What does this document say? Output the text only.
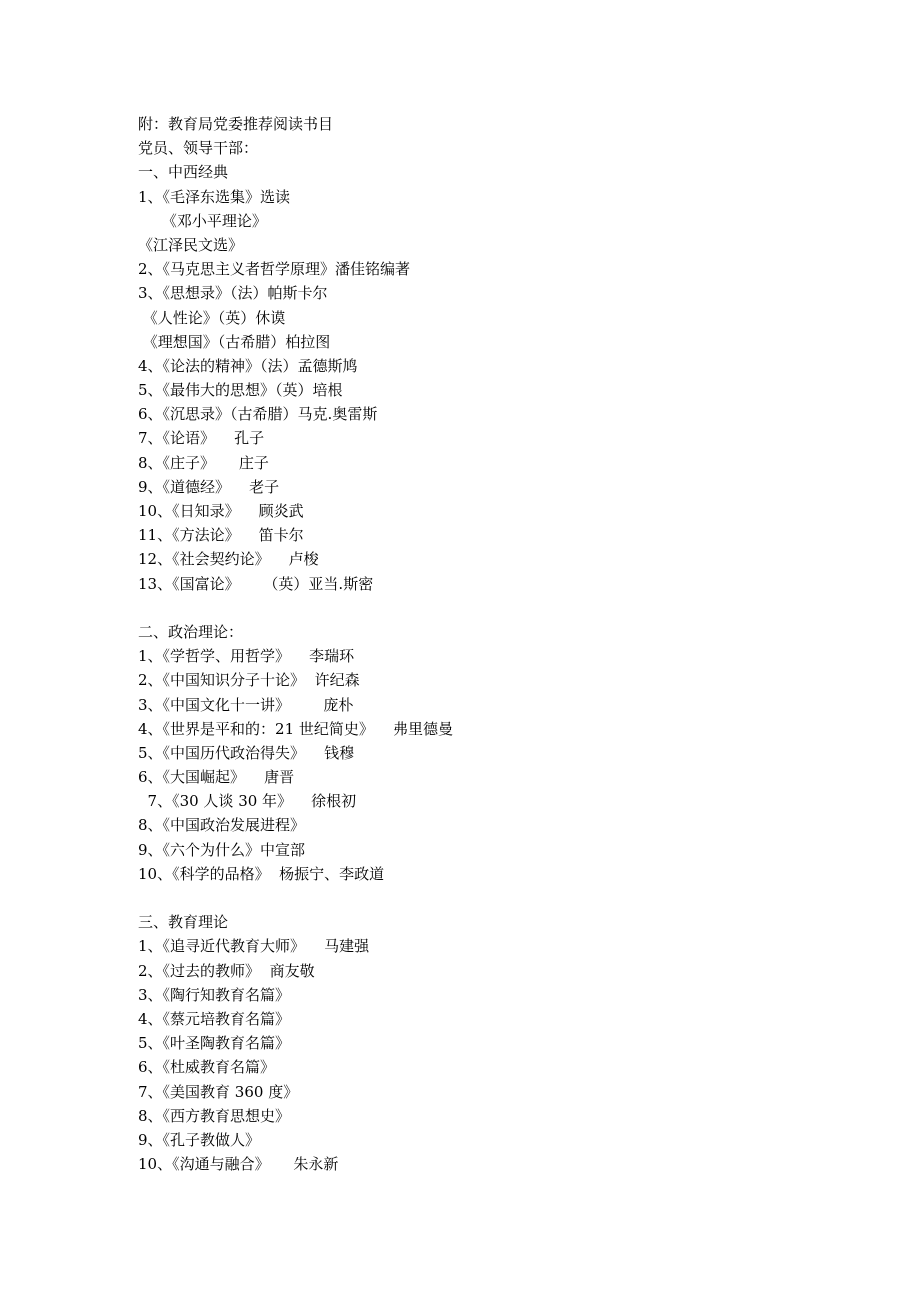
附：教育局党委推荐阅读书目
党员、领导干部：
一、中西经典
1、《毛泽东选集》选读
《邓小平理论》
《江泽民文选》
2、《马克思主义者哲学原理》潘佳铭编著
3、《思想录》（法）帕斯卡尔
《人性论》（英）休谟
《理想国》（古希腊）柏拉图
4、《论法的精神》（法）孟德斯鸠
5、《最伟大的思想》（英）培根
6、《沉思录》（古希腊）马克.奥雷斯
7、《论语》    孔子
8、《庄子》     庄子
9、《道德经》    老子
10、《日知录》    顾炎武
11、《方法论》    笛卡尔
12、《社会契约论》    卢梭
13、《国富论》     （英）亚当.斯密
二、政治理论：
1、《学哲学、用哲学》    李瑞环
2、《中国知识分子十论》  许纪森
3、《中国文化十一讲》       庞朴
4、《世界是平和的：21 世纪简史》    弗里德曼
5、《中国历代政治得失》    钱穆
6、《大国崛起》    唐晋
7、《30 人谈 30 年》    徐根初
8、《中国政治发展进程》
9、《六个为什么》中宣部
10、《科学的品格》  杨振宁、李政道
三、教育理论
1、《追寻近代教育大师》    马建强
2、《过去的教师》  商友敬
3、《陶行知教育名篇》
4、《蔡元培教育名篇》
5、《叶圣陶教育名篇》
6、《杜威教育名篇》
7、《美国教育 360 度》
8、《西方教育思想史》
9、《孔子教做人》
10、《沟通与融合》     朱永新
